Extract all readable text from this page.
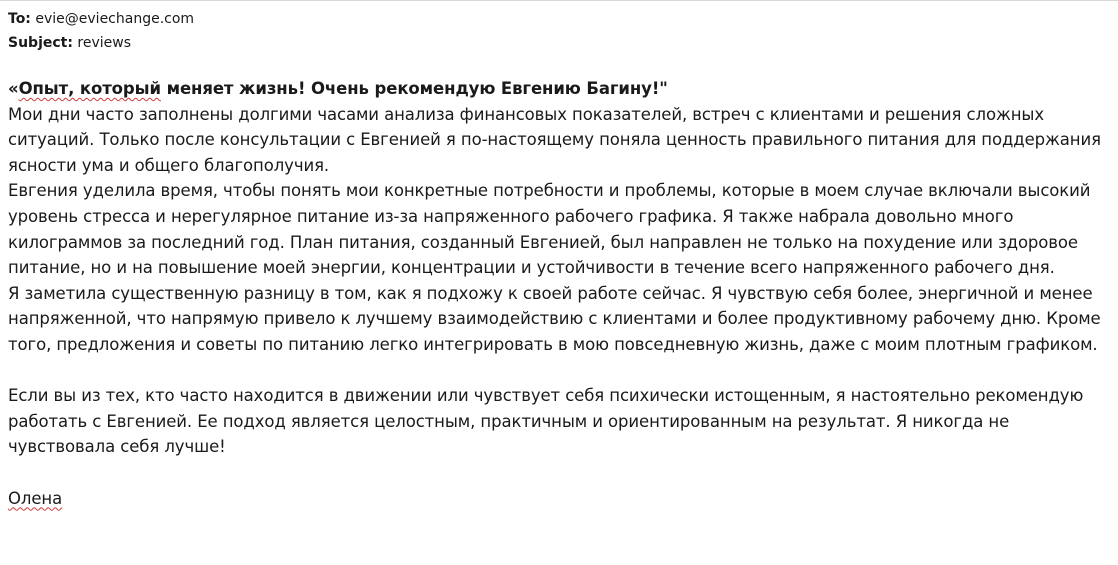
To: evie@eviechange.com
Subject: reviews

«Опыт, который меняет жизнь! Очень рекомендую Евгению Багину!"

Мои дни часто заполнены долгими часами анализа финансовых показателей, встреч с клиентами и решения сложных ситуаций. Только после консультации с Евгенией я по-настоящему поняла ценность правильного питания для поддержания ясности ума и общего благополучия.

Евгения уделила время, чтобы понять мои конкретные потребности и проблемы, которые в моем случае включали высокий уровень стресса и нерегулярное питание из-за напряженного рабочего графика. Я также набрала довольно много килограммов за последний год. План питания, созданный Евгенией, был направлен не только на похудение или здоровое питание, но и на повышение моей энергии, концентрации и устойчивости в течение всего напряженного рабочего дня.

Я заметила существенную разницу в том, как я подхожу к своей работе сейчас. Я чувствую себя более, энергичной и менее напряженной, что напрямую привело к лучшему взаимодействию с клиентами и более продуктивному рабочему дню. Кроме того, предложения и советы по питанию легко интегрировать в мою повседневную жизнь, даже с моим плотным графиком.

Если вы из тех, кто часто находится в движении или чувствует себя психически истощенным, я настоятельно рекомендую работать с Евгенией. Ее подход является целостным, практичным и ориентированным на результат. Я никогда не чувствовала себя лучше!

Олена
